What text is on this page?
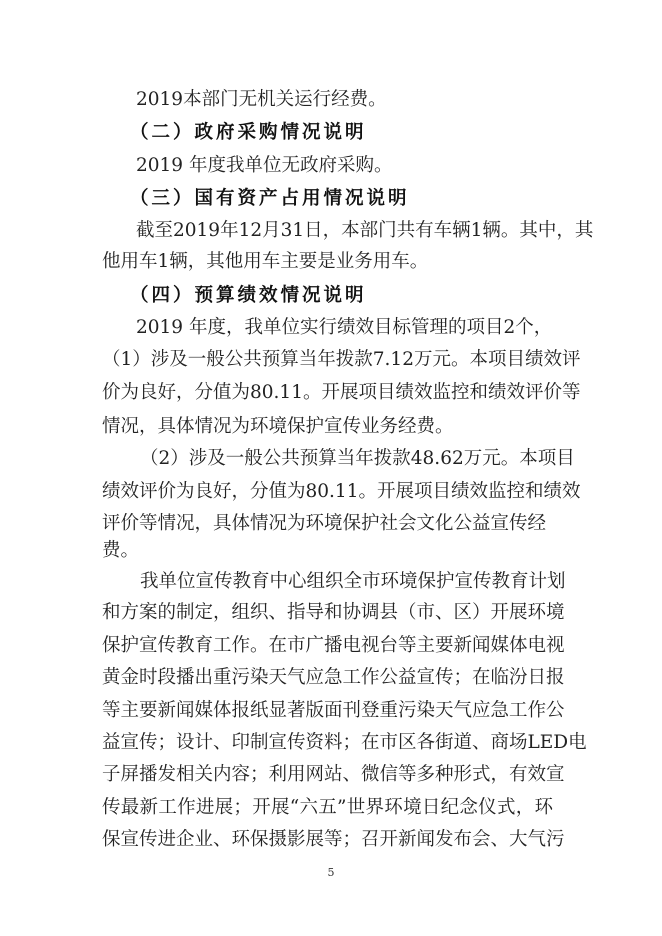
2019本部门无机关运行经费。
（二）政府采购情况说明
2019 年度我单位无政府采购。
（三）国有资产占用情况说明
截至2019年12月31日，本部门共有车辆1辆。其中，其
他用车1辆，其他用车主要是业务用车。
（四）预算绩效情况说明
2019 年度，我单位实行绩效目标管理的项目2个，
（1）涉及一般公共预算当年拨款7.12万元。本项目绩效评
价为良好，分值为80.11。开展项目绩效监控和绩效评价等
情况，具体情况为环境保护宣传业务经费。
（2）涉及一般公共预算当年拨款48.62万元。本项目
绩效评价为良好，分值为80.11。开展项目绩效监控和绩效
评价等情况，具体情况为环境保护社会文化公益宣传经
费。
我单位宣传教育中心组织全市环境保护宣传教育计划
和方案的制定，组织、指导和协调县（市、区）开展环境
保护宣传教育工作。在市广播电视台等主要新闻媒体电视
黄金时段播出重污染天气应急工作公益宣传；在临汾日报
等主要新闻媒体报纸显著版面刊登重污染天气应急工作公
益宣传；设计、印制宣传资料；在市区各街道、商场LED电
子屏播发相关内容；利用网站、微信等多种形式，有效宣
传最新工作进展；开展“六五”世界环境日纪念仪式，环
保宣传进企业、环保摄影展等；召开新闻发布会、大气污
5
